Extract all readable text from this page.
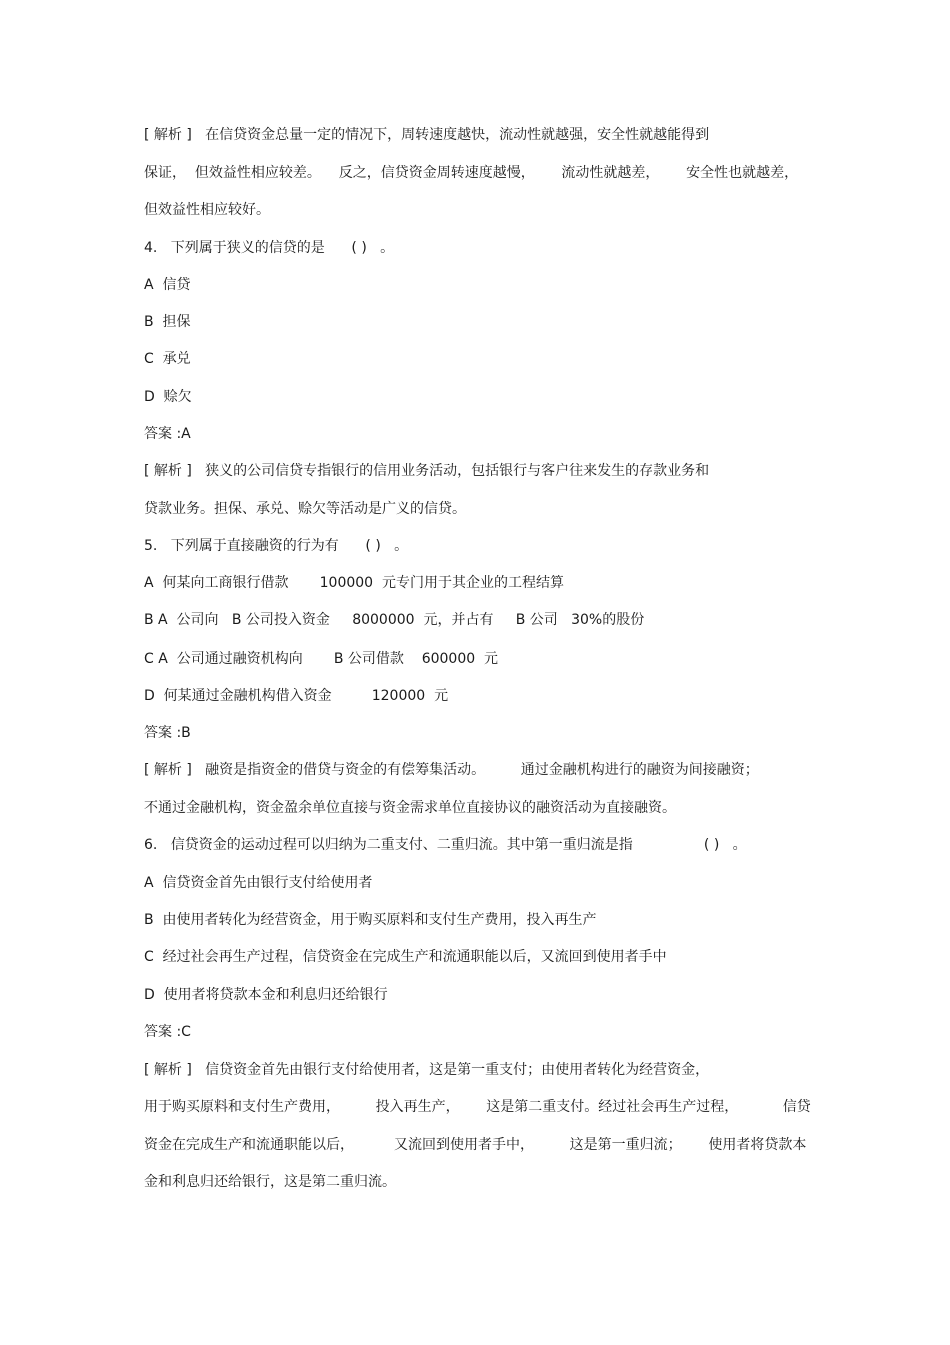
[ 解析 ]   在信贷资金总量一定的情况下，周转速度越快，流动性就越强，安全性就越能得到
保证，  但效益性相应较差。    反之，信贷资金周转速度越慢，      流动性就越差，      安全性也就越差，
但效益性相应较好。
4.   下列属于狭义的信贷的是      ( )   。
A  信贷
B  担保
C  承兑
D  赊欠
答案 :A
[ 解析 ]   狭义的公司信贷专指银行的信用业务活动，包括银行与客户往来发生的存款业务和
贷款业务。担保、承兑、赊欠等活动是广义的信贷。
5.   下列属于直接融资的行为有      ( )   。
A  何某向工商银行借款       100000  元专门用于其企业的工程结算
B A  公司向   B 公司投入资金     8000000  元，并占有     B 公司   30%的股份
C A  公司通过融资机构向       B 公司借款    600000  元
D  何某通过金融机构借入资金         120000  元
答案 :B
[ 解析 ]   融资是指资金的借贷与资金的有偿筹集活动。        通过金融机构进行的融资为间接融资；
不通过金融机构，资金盈余单位直接与资金需求单位直接协议的融资活动为直接融资。
6.   信贷资金的运动过程可以归纳为二重支付、二重归流。其中第一重归流是指                ( )   。
A  信贷资金首先由银行支付给使用者
B  由使用者转化为经营资金，用于购买原料和支付生产费用，投入再生产
C  经过社会再生产过程，信贷资金在完成生产和流通职能以后，又流回到使用者手中
D  使用者将贷款本金和利息归还给银行
答案 :C
[ 解析 ]   信贷资金首先由银行支付给使用者，这是第一重支付；由使用者转化为经营资金，
用于购买原料和支付生产费用，        投入再生产，      这是第二重支付。经过社会再生产过程，          信贷
资金在完成生产和流通职能以后，         又流回到使用者手中，        这是第一重归流；      使用者将贷款本
金和利息归还给银行，这是第二重归流。
